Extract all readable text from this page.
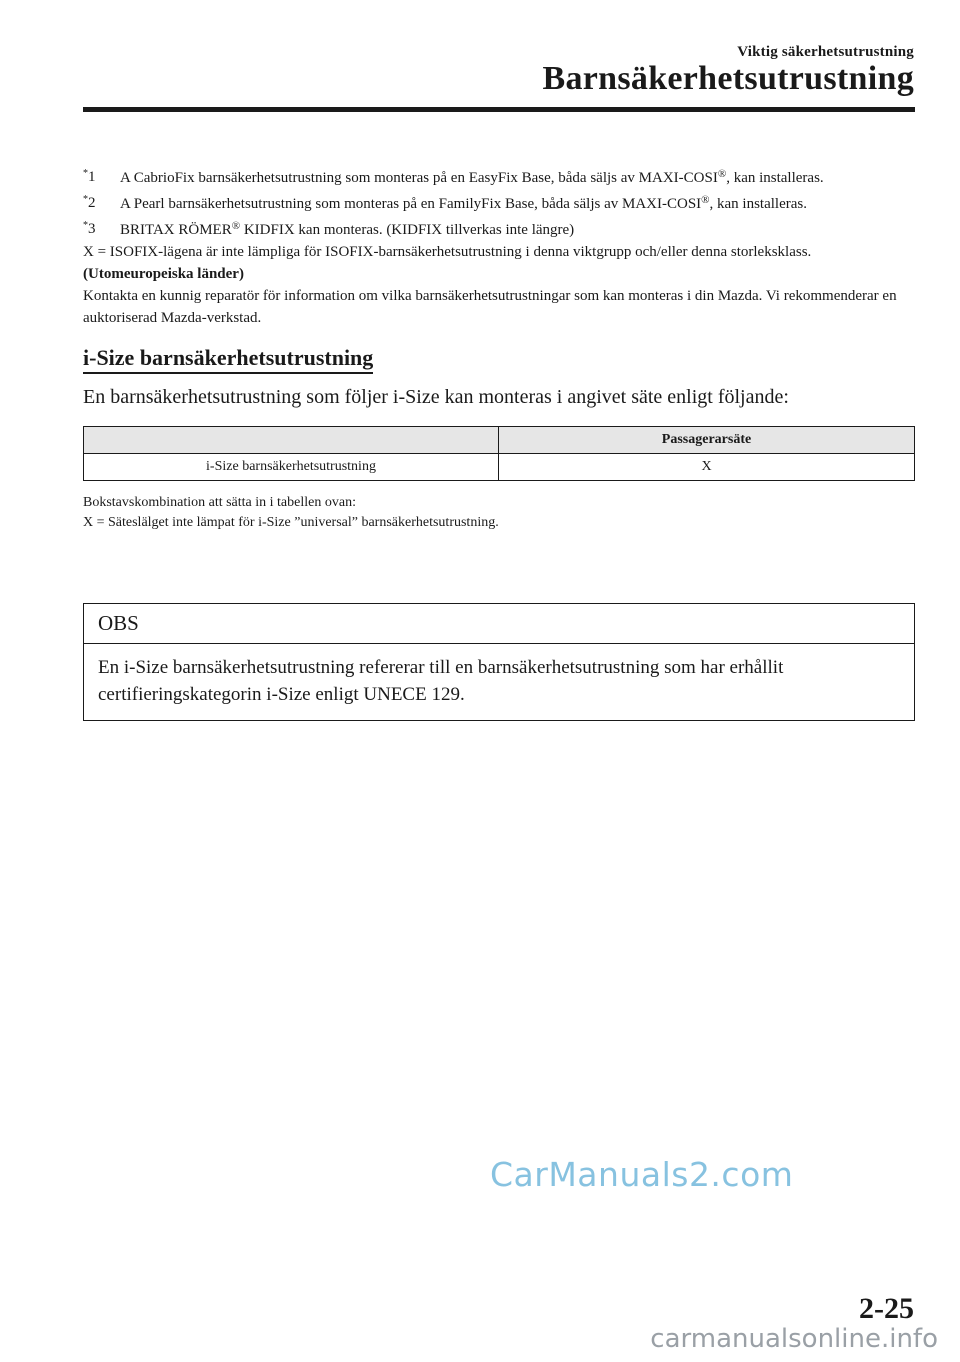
Viktig säkerhetsutrustning
Barnsäkerhetsutrustning
*1 A CabrioFix barnsäkerhetsutrustning som monteras på en EasyFix Base, båda säljs av MAXI-COSI®, kan installeras.
*2 A Pearl barnsäkerhetsutrustning som monteras på en FamilyFix Base, båda säljs av MAXI-COSI®, kan installeras.
*3 BRITAX RÖMER® KIDFIX kan monteras. (KIDFIX tillverkas inte längre)

X = ISOFIX-lägena är inte lämpliga för ISOFIX-barnsäkerhetsutrustning i denna viktgrupp och/eller denna storleksklass.

(Utomeuropeiska länder)

Kontakta en kunnig reparatör för information om vilka barnsäkerhetsutrustningar som kan monteras i din Mazda. Vi rekommenderar en auktoriserad Mazda-verkstad.

i-Size barnsäkerhetsutrustning

En barnsäkerhetsutrustning som följer i-Size kan monteras i angivet säte enligt följande:

	Passagerarsäte
i-Size barnsäkerhetsutrustning	X

Bokstavskombination att sätta in i tabellen ovan:

X = Säteslälget inte lämpat för i-Size ”universal” barnsäkerhetsutrustning.

OBS
En i-Size barnsäkerhetsutrustning refererar till en barnsäkerhetsutrustning som har erhållit certifieringskategorin i-Size enligt UNECE 129.
CarManuals2.com
2-25
carmanualsonline.info
